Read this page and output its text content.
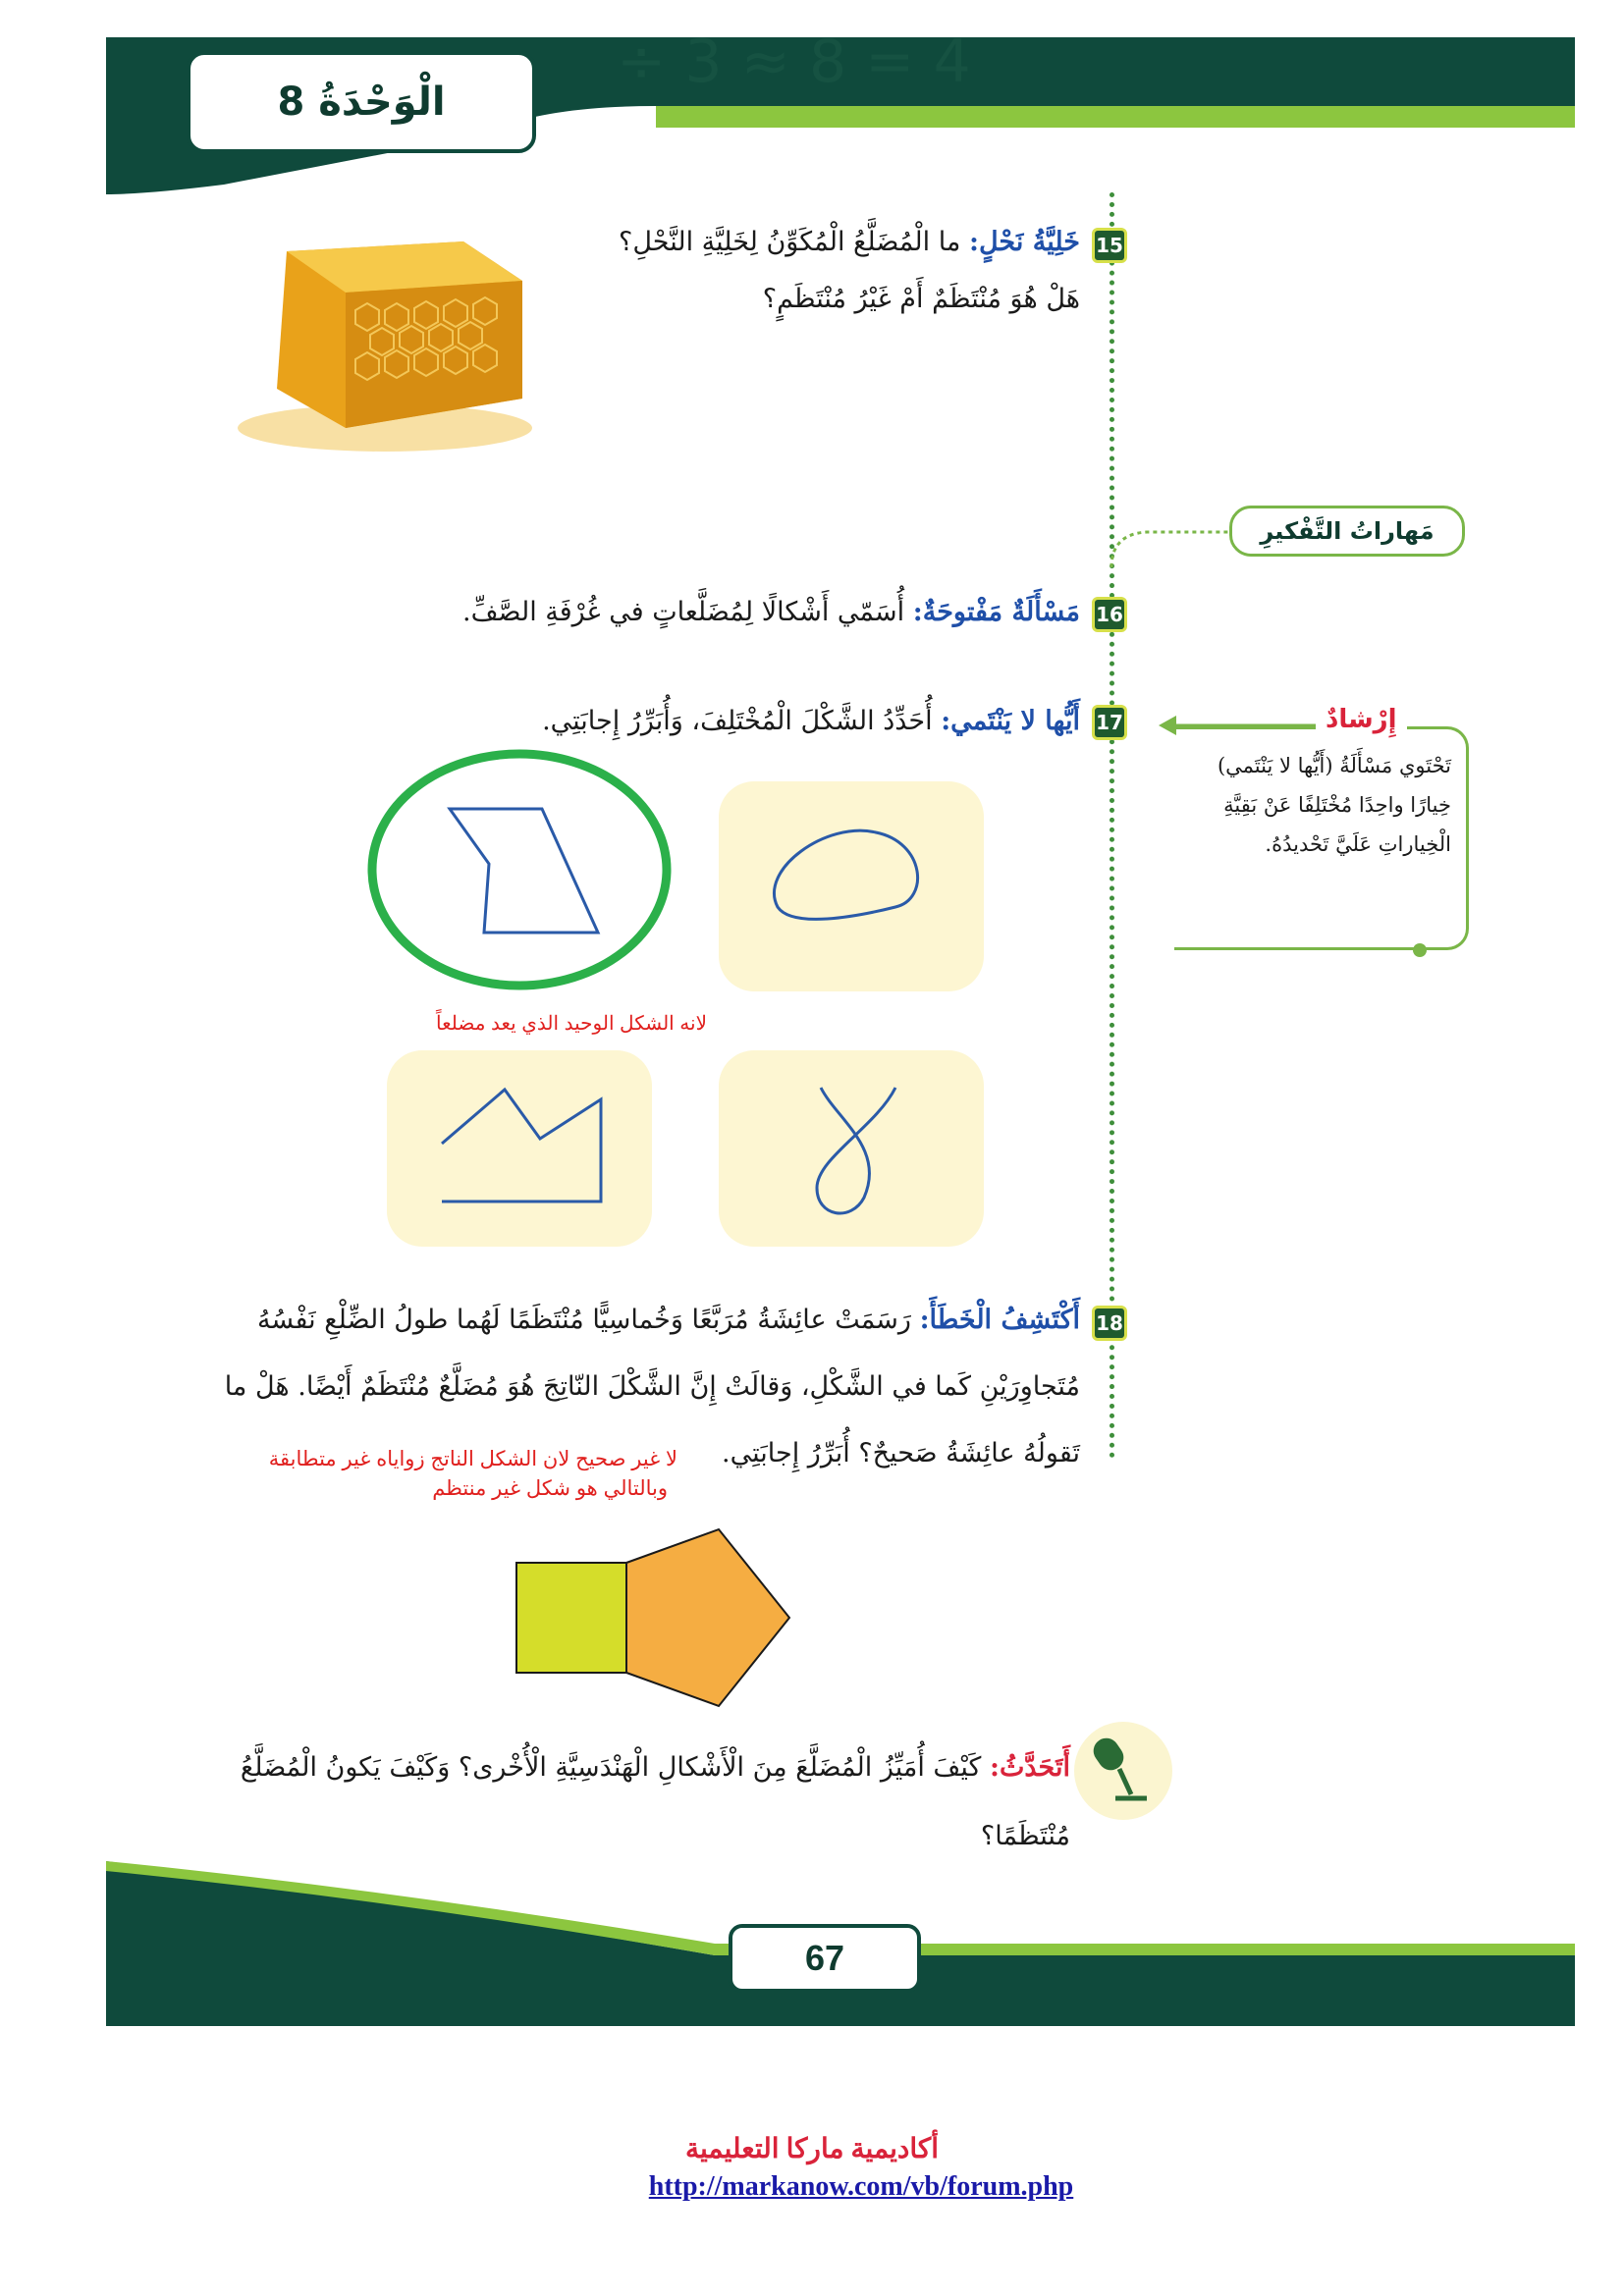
÷ 3 ≈ 8 = 4
الْوَحْدَةُ 8
15
خَلِيَّةُ نَحْلٍ: ما الْمُضَلَّعُ الْمُكَوِّنُ لِخَلِيَّةِ النَّحْلِ؟
هَلْ هُوَ مُنْتَظَمٌ أَمْ غَيْرُ مُنْتَظَمٍ؟
مَهاراتُ التَّفْكيرِ
16
مَسْأَلَةٌ مَفْتوحَةٌ: أُسَمّي أَشْكالًا لِمُضَلَّعاتٍ في غُرْفَةِ الصَّفِّ.
17
أَيُّها لا يَنْتَمي: أُحَدِّدُ الشَّكْلَ الْمُخْتَلِفَ، وَأُبَرِّرُ إِجابَتِي.	إِرْشادٌ
تَحْتَوي مَسْأَلَةُ (أَيُّها لا يَنْتَمي) خِيارًا واحِدًا مُخْتَلِفًا عَنْ بَقِيَّةِ الْخِياراتِ عَلَيَّ تَحْديدُهُ.
لانه الشكل الوحيد الذي يعد مضلعاً
18
أَكْتَشِفُ الْخَطَأَ: رَسَمَتْ عائِشَةُ مُرَبَّعًا وَخُماسِيًّا مُنْتَظَمًا لَهُما طولُ الضِّلْعِ نَفْسُهُ
مُتَجاوِرَيْنِ كَما في الشَّكْلِ، وَقالَتْ إِنَّ الشَّكْلَ النّاتِجَ هُوَ مُضَلَّعٌ مُنْتَظَمٌ أَيْضًا. هَلْ ما
تَقولُهُ عائِشَةُ صَحيحٌ؟ أُبَرِّرُ إِجابَتِي.
لا غير صحيح لان الشكل الناتج زواياه غير متطابقة
وبالتالي هو شكل غير منتظم
أَتَحَدَّثُ: كَيْفَ أُمَيِّزُ الْمُضَلَّعَ مِنَ الْأَشْكالِ الْهَنْدَسِيَّةِ الْأُخْرى؟ وَكَيْفَ يَكونُ الْمُضَلَّعُ
مُنْتَظَمًا؟
67
أكاديمية ماركا التعليمية
http://markanow.com/vb/forum.php
